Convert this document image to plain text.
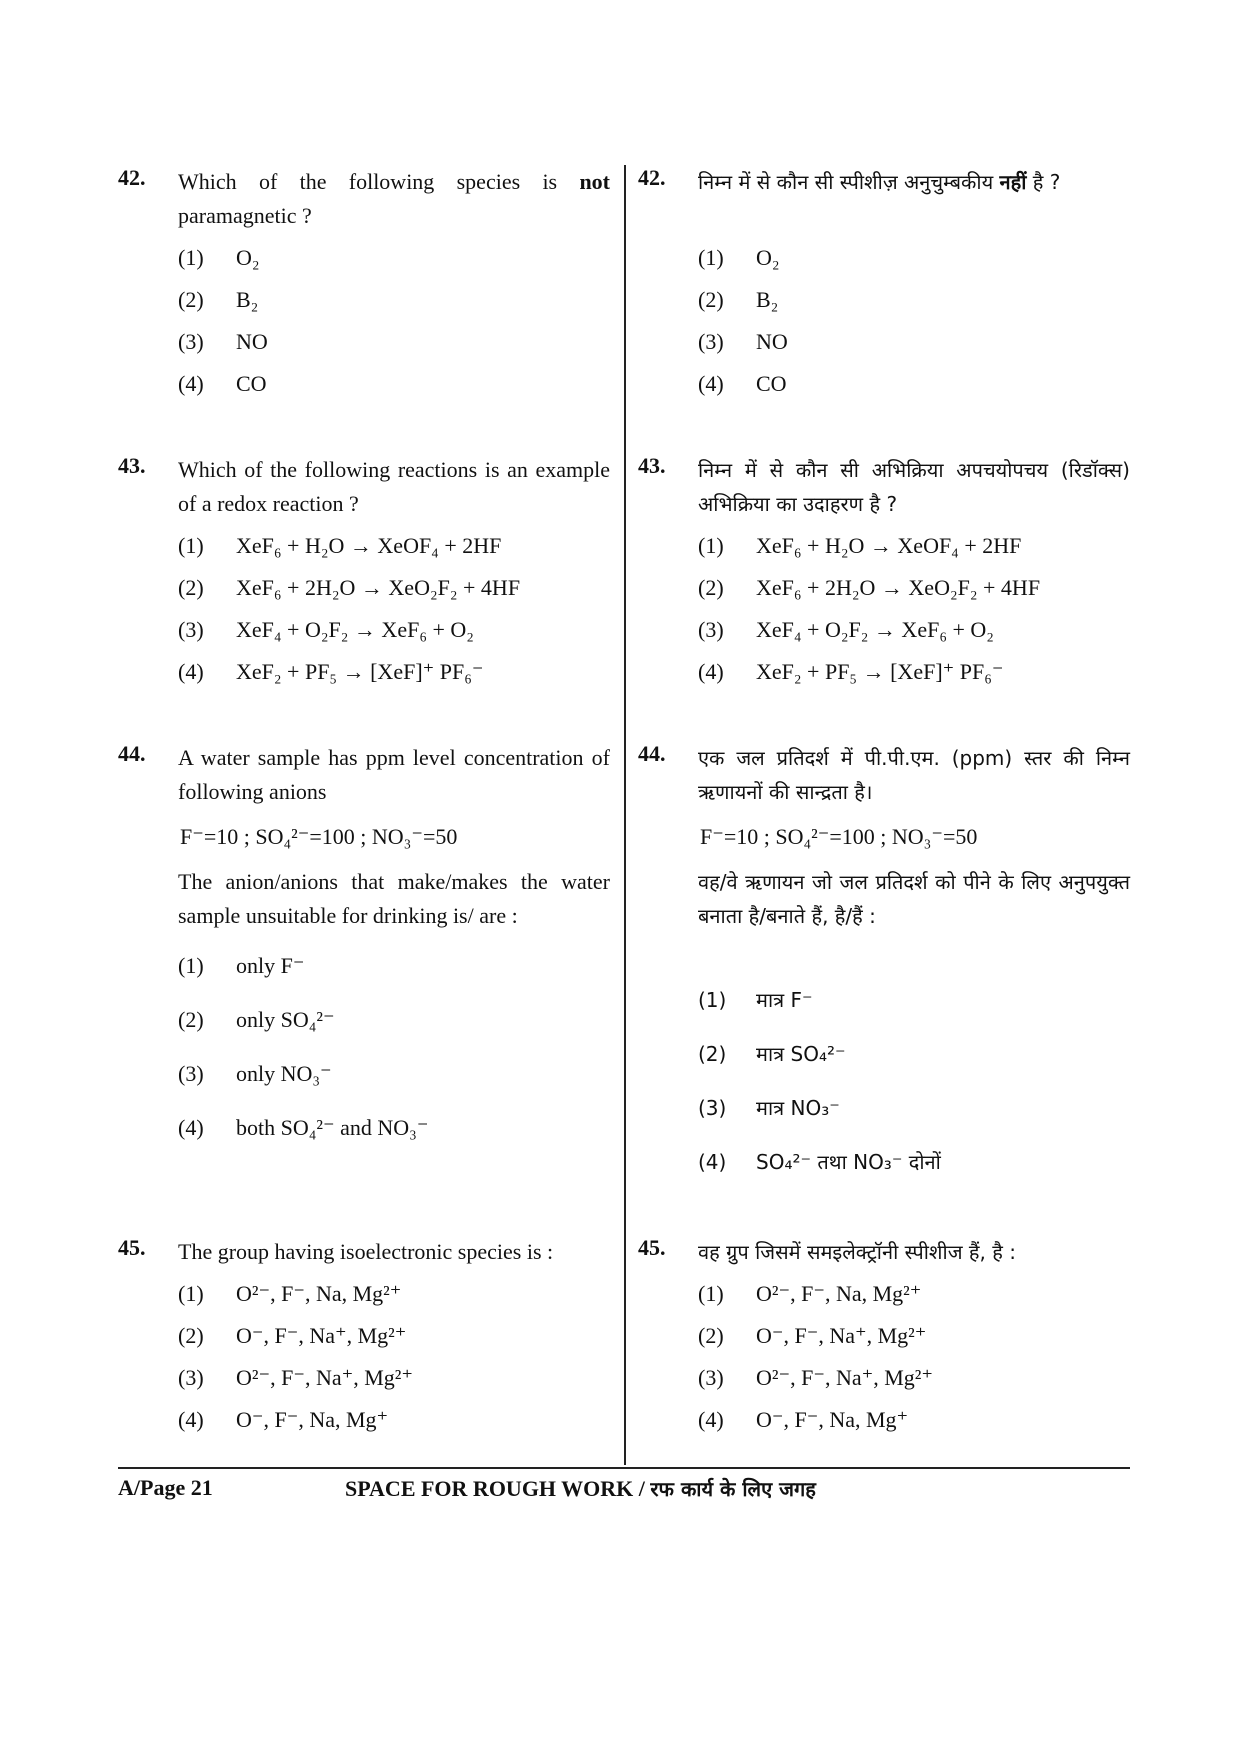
42. Which of the following species is not paramagnetic ?
(1) O₂
(2) B₂
(3) NO
(4) CO
43. Which of the following reactions is an example of a redox reaction ?
(1) XeF₆ + H₂O → XeOF₄ + 2HF
(2) XeF₆ + 2H₂O → XeO₂F₂ + 4HF
(3) XeF₄ + O₂F₂ → XeF₆ + O₂
(4) XeF₂ + PF₅ → [XeF]⁺ PF₆⁻
44. A water sample has ppm level concentration of following anions
F⁻=10 ; SO₄²⁻=100 ; NO₃⁻=50
The anion/anions that make/makes the water sample unsuitable for drinking is/ are :
(1) only F⁻
(2) only SO₄²⁻
(3) only NO₃⁻
(4) both SO₄²⁻ and NO₃⁻
45. The group having isoelectronic species is :
(1) O²⁻, F⁻, Na, Mg²⁺
(2) O⁻, F⁻, Na⁺, Mg²⁺
(3) O²⁻, F⁻, Na⁺, Mg²⁺
(4) O⁻, F⁻, Na, Mg⁺
42. निम्न में से कौन सी स्पीशीज़ अनुचुम्बकीय नहीं है ?
(1) O₂
(2) B₂
(3) NO
(4) CO
43. निम्न में से कौन सी अभिक्रिया अपचयोपचय (रिडॉक्स) अभिक्रिया का उदाहरण है ?
(1) XeF₆ + H₂O → XeOF₄ + 2HF
(2) XeF₆ + 2H₂O → XeO₂F₂ + 4HF
(3) XeF₄ + O₂F₂ → XeF₆ + O₂
(4) XeF₂ + PF₅ → [XeF]⁺ PF₆⁻
44. एक जल प्रतिदर्श में पी.पी.एम. (ppm) स्तर की निम्न ऋणायनों की सान्द्रता है।
F⁻=10 ; SO₄²⁻=100 ; NO₃⁻=50
वह/वे ऋणायन जो जल प्रतिदर्श को पीने के लिए अनुपयुक्त बनाता है/बनाते हैं, है/हैं :
(1) मात्र F⁻
(2) मात्र SO₄²⁻
(3) मात्र NO₃⁻
(4) SO₄²⁻ तथा NO₃⁻ दोनों
45. वह ग्रुप जिसमें समइलेक्ट्रॉनी स्पीशीज हैं, है :
(1) O²⁻, F⁻, Na, Mg²⁺
(2) O⁻, F⁻, Na⁺, Mg²⁺
(3) O²⁻, F⁻, Na⁺, Mg²⁺
(4) O⁻, F⁻, Na, Mg⁺
A/Page 21	SPACE FOR ROUGH WORK / रफ कार्य के लिए जगह
